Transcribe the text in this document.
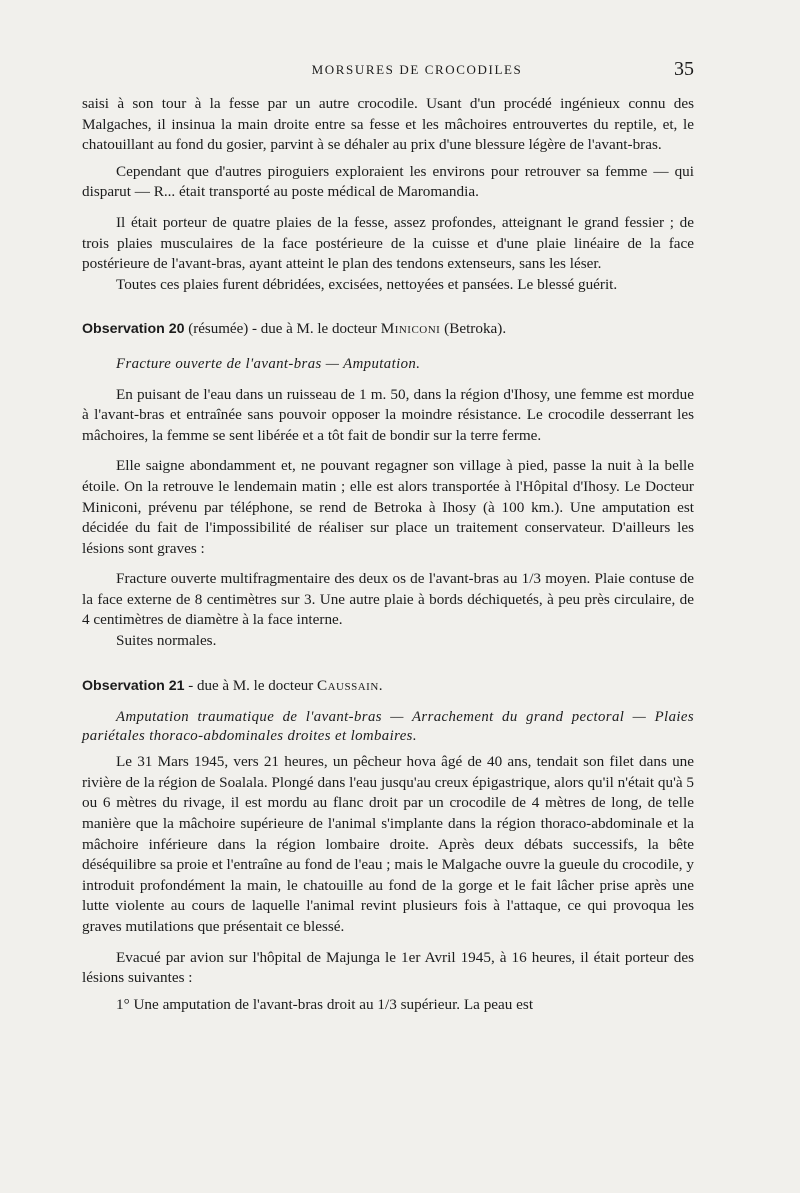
MORSURES DE CROCODILES	35

saisi à son tour à la fesse par un autre crocodile. Usant d'un procédé ingénieux connu des Malgaches, il insinua la main droite entre sa fesse et les mâchoires entrouvertes du reptile, et, le chatouillant au fond du gosier, parvint à se déhaler au prix d'une blessure légère de l'avant-bras.

Cependant que d'autres piroguiers exploraient les environs pour retrouver sa femme — qui disparut — R... était transporté au poste médical de Maromandia.

Il était porteur de quatre plaies de la fesse, assez profondes, atteignant le grand fessier ; de trois plaies musculaires de la face postérieure de la cuisse et d'une plaie linéaire de la face postérieure de l'avant-bras, ayant atteint le plan des tendons extenseurs, sans les léser.

Toutes ces plaies furent débridées, excisées, nettoyées et pansées. Le blessé guérit.

Observation 20 (résumée) - due à M. le docteur Miniconi (Betroka).

Fracture ouverte de l'avant-bras — Amputation.

En puisant de l'eau dans un ruisseau de 1 m. 50, dans la région d'Ihosy, une femme est mordue à l'avant-bras et entraînée sans pouvoir opposer la moindre résistance. Le crocodile desserrant les mâchoires, la femme se sent libérée et a tôt fait de bondir sur la terre ferme.

Elle saigne abondamment et, ne pouvant regagner son village à pied, passe la nuit à la belle étoile. On la retrouve le lendemain matin ; elle est alors transportée à l'Hôpital d'Ihosy. Le Docteur Miniconi, prévenu par téléphone, se rend de Betroka à Ihosy (à 100 km.). Une amputation est décidée du fait de l'impossibilité de réaliser sur place un traitement conservateur. D'ailleurs les lésions sont graves :

Fracture ouverte multifragmentaire des deux os de l'avant-bras au 1/3 moyen. Plaie contuse de la face externe de 8 centimètres sur 3. Une autre plaie à bords déchiquetés, à peu près circulaire, de 4 centimètres de diamètre à la face interne.

Suites normales.

Observation 21 - due à M. le docteur Caussain.

Amputation traumatique de l'avant-bras — Arrachement du grand pectoral — Plaies pariétales thoraco-abdominales droites et lombaires.

Le 31 Mars 1945, vers 21 heures, un pêcheur hova âgé de 40 ans, tendait son filet dans une rivière de la région de Soalala. Plongé dans l'eau jusqu'au creux épigastrique, alors qu'il n'était qu'à 5 ou 6 mètres du rivage, il est mordu au flanc droit par un crocodile de 4 mètres de long, de telle manière que la mâchoire supérieure de l'animal s'implante dans la région thoraco-abdominale et la mâchoire inférieure dans la région lombaire droite. Après deux débats successifs, la bête déséquilibre sa proie et l'entraîne au fond de l'eau ; mais le Malgache ouvre la gueule du crocodile, y introduit profondément la main, le chatouille au fond de la gorge et le fait lâcher prise après une lutte violente au cours de laquelle l'animal revint plusieurs fois à l'attaque, ce qui provoqua les graves mutilations que présentait ce blessé.

Evacué par avion sur l'hôpital de Majunga le 1er Avril 1945, à 16 heures, il était porteur des lésions suivantes :

1° Une amputation de l'avant-bras droit au 1/3 supérieur. La peau est
